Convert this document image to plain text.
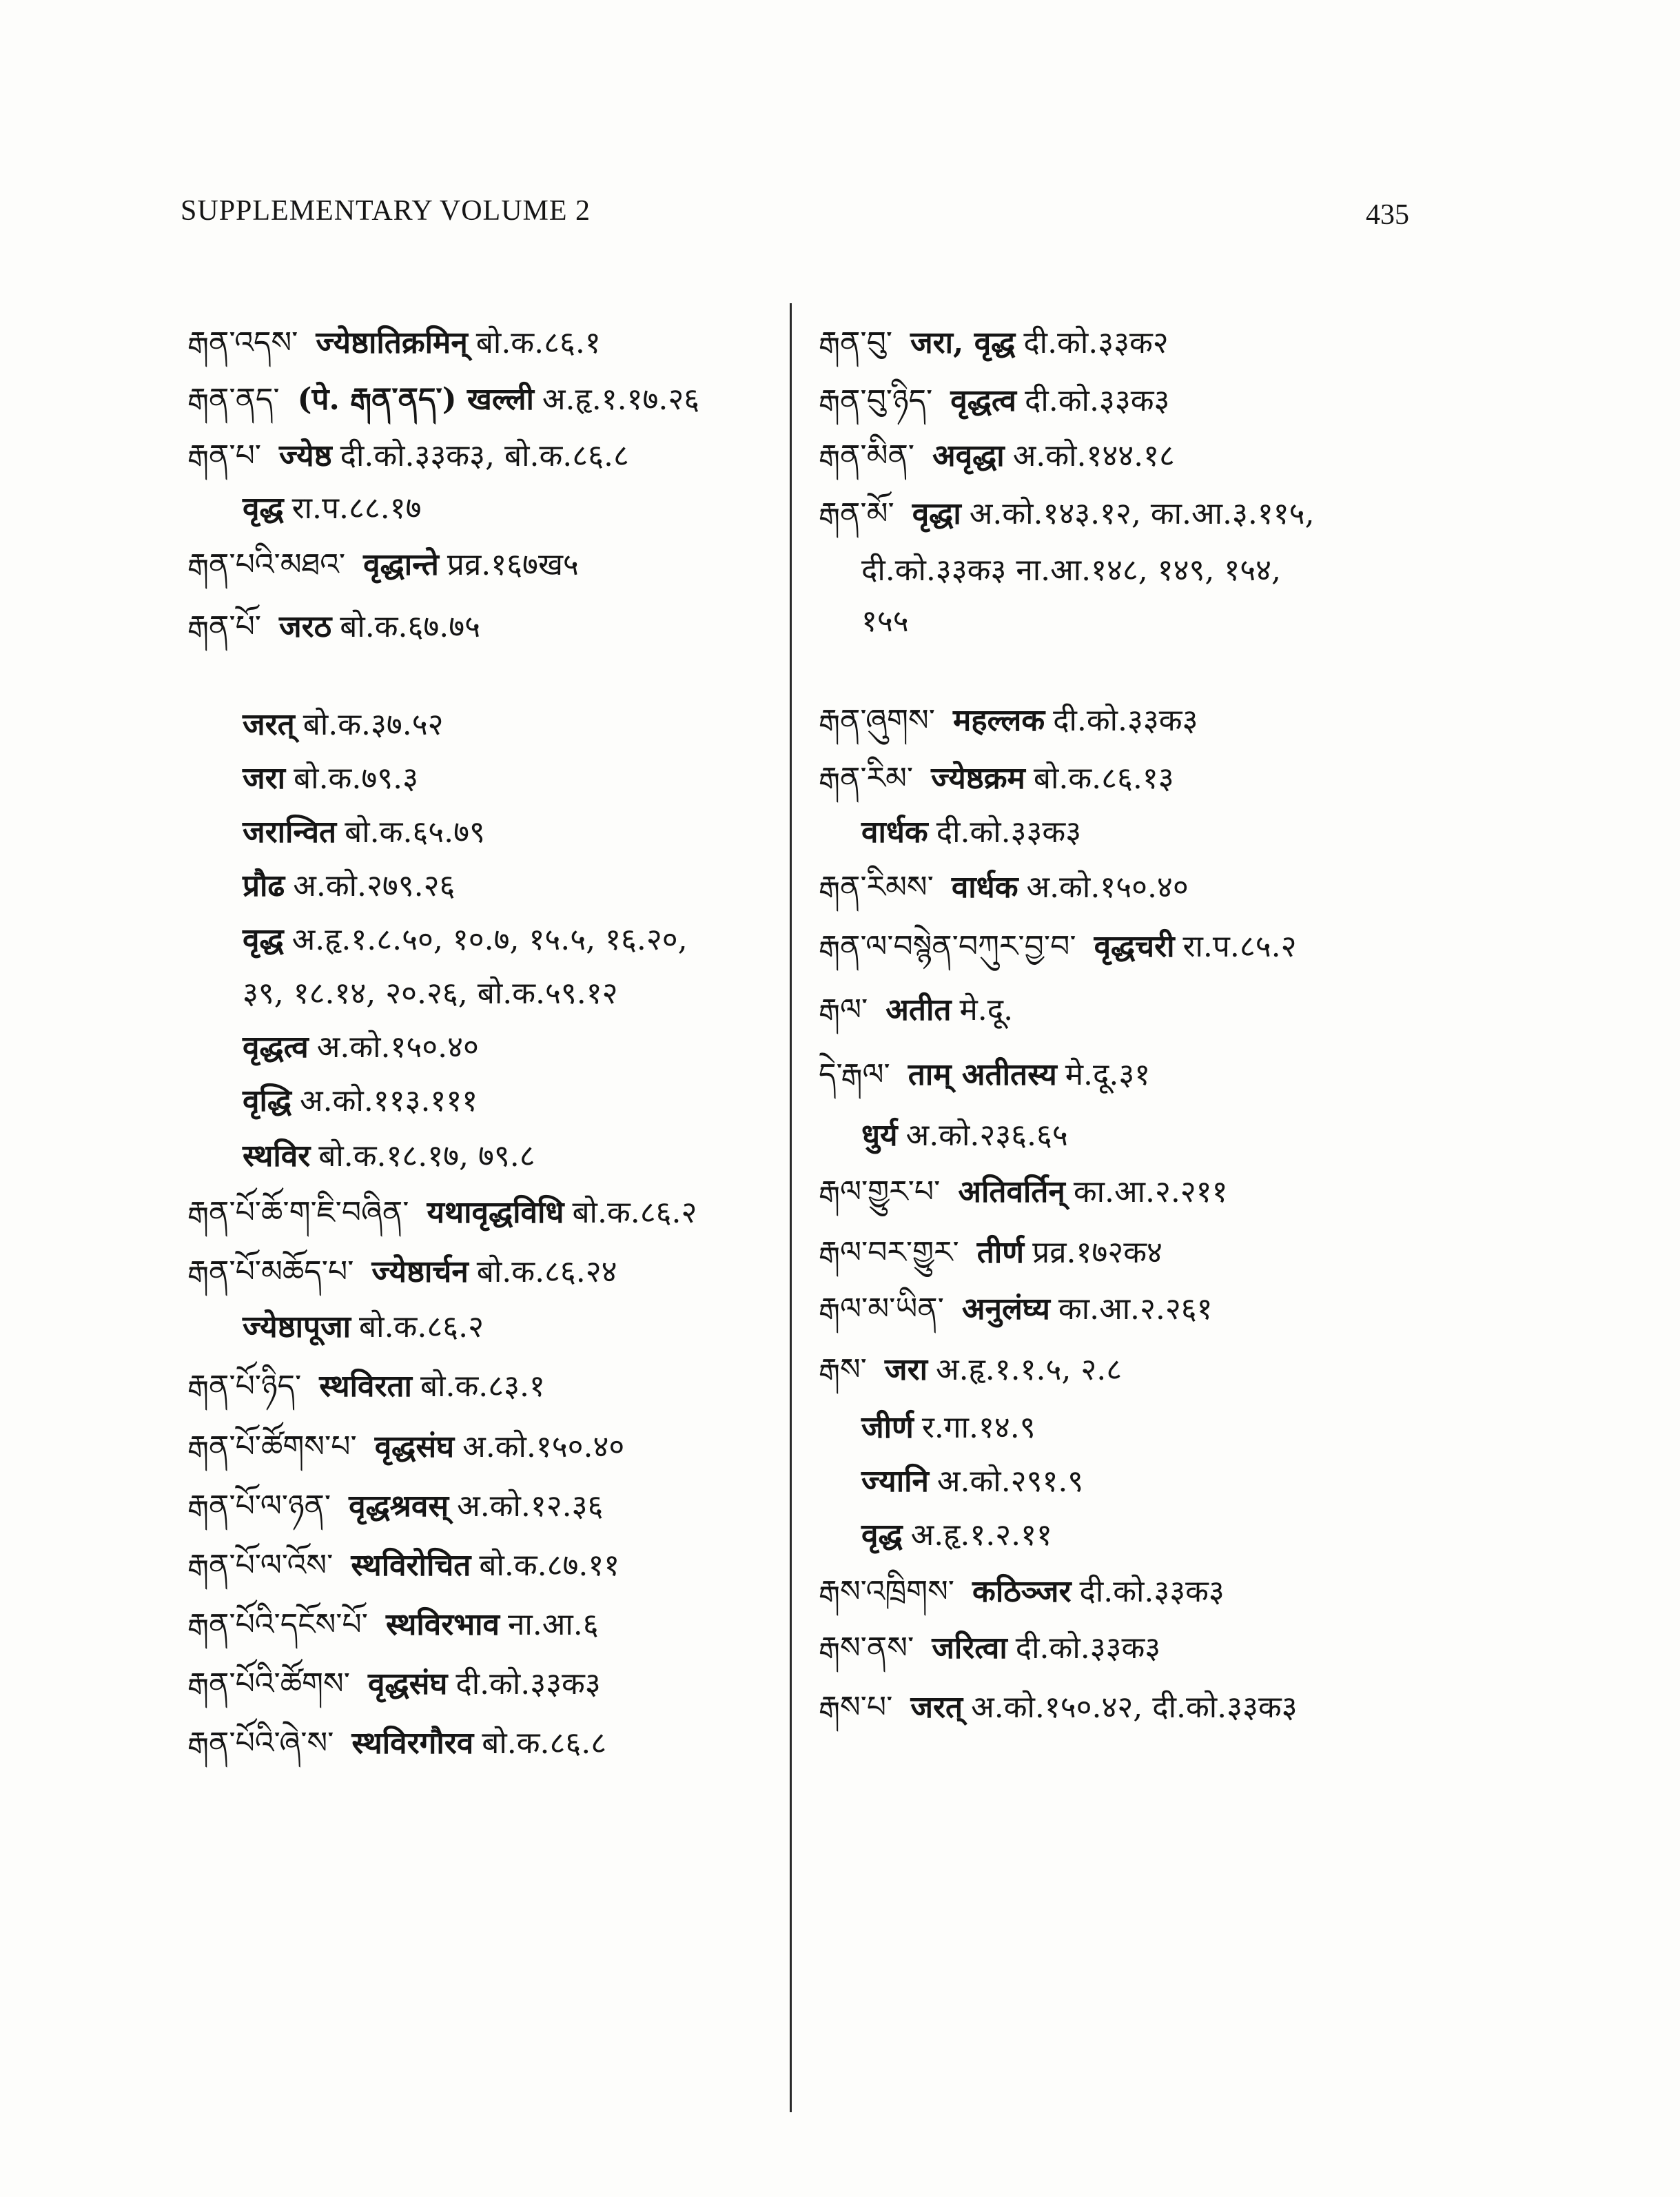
SUPPLEMENTARY VOLUME 2	435
རྒན་འདས་ ज्येष्ठातिक्रमिन् बो.क.८६.१
རྒན་ནད་ (पे. རྒན་ནད་) खल्ली अ.हृ.१.१७.२६
རྒན་པ་ ज्येष्ठ दी.को.३३क३, बो.क.८६.८
वृद्ध रा.प.८८.१७
རྒན་པའི་མཐའ་ वृद्धान्ते प्रव्र.१६७ख५
རྒན་པོ་ जरठ बो.क.६७.७५
जरत् बो.क.३७.५२
जरा बो.क.७९.३
जरान्वित बो.क.६५.७९
प्रौढ अ.को.२७९.२६
वृद्ध अ.हृ.१.८.५०, १०.७, १५.५, १६.२०,
३९, १८.१४, २०.२६, बो.क.५९.१२
वृद्धत्व अ.को.१५०.४०
वृद्धि अ.को.११३.१११
स्थविर बो.क.१८.१७, ७९.८
རྒན་པོ་ཆོ་ག་ཇི་བཞིན་ यथावृद्धविधि बो.क.८६.२
རྒན་པོ་མཆོད་པ་ ज्येष्ठार्चन बो.क.८६.२४
ज्येष्ठापूजा बो.क.८६.२
རྒན་པོ་ཉིད་ स्थविरता बो.क.८३.१
རྒན་པོ་ཚོགས་པ་ वृद्धसंघ अ.को.१५०.४०
རྒན་པོ་ལ་ཉན་ वृद्धश्रवस् अ.को.१२.३६
རྒན་པོ་ལ་འོས་ स्थविरोचित बो.क.८७.११
རྒན་པོའི་དངོས་པོ་ स्थविरभाव ना.आ.६
རྒན་པོའི་ཚོགས་ वृद्धसंघ दी.को.३३क३
རྒན་པོའི་ཞེ་ས་ स्थविरगौरव बो.क.८६.८
རྒན་བུ་ जरा, वृद्ध दी.को.३३क२
རྒན་བུ་ཉིད་ वृद्धत्व दी.को.३३क३
རྒན་མིན་ अवृद्धा अ.को.१४४.१८
རྒན་མོ་ वृद्धा अ.को.१४३.१२, का.आ.३.११५,
दी.को.३३क३ ना.आ.१४८, १४९, १५४,
१५५
རྒན་ཞུགས་ महल्लक दी.को.३३क३
རྒན་རིམ་ ज्येष्ठक्रम बो.क.८६.१३
वार्धक दी.को.३३क३
རྒན་རིམས་ वार्धक अ.को.१५०.४०
རྒན་ལ་བསྙེན་བཀུར་བྱ་བ་ वृद्धचरी रा.प.८५.२
རྒལ་ अतीत मे.दू.
དེ་རྒལ་ ताम् अतीतस्य मे.दू.३१
धुर्य अ.को.२३६.६५
རྒལ་གྱུར་པ་ अतिवर्तिन् का.आ.२.२११
རྒལ་བར་གྱུར་ तीर्ण प्रव्र.१७२क४
རྒལ་མ་ཡིན་ अनुलंघ्य का.आ.२.२६१
རྒས་ जरा अ.हृ.१.१.५, २.८
जीर्ण र.गा.१४.९
ज्यानि अ.को.२९१.९
वृद्ध अ.हृ.१.२.११
རྒས་འཁྲིགས་ कठिञ्जर दी.को.३३क३
རྒས་ནས་ जरित्वा दी.को.३३क३
རྒས་པ་ जरत् अ.को.१५०.४२, दी.को.३३क३
